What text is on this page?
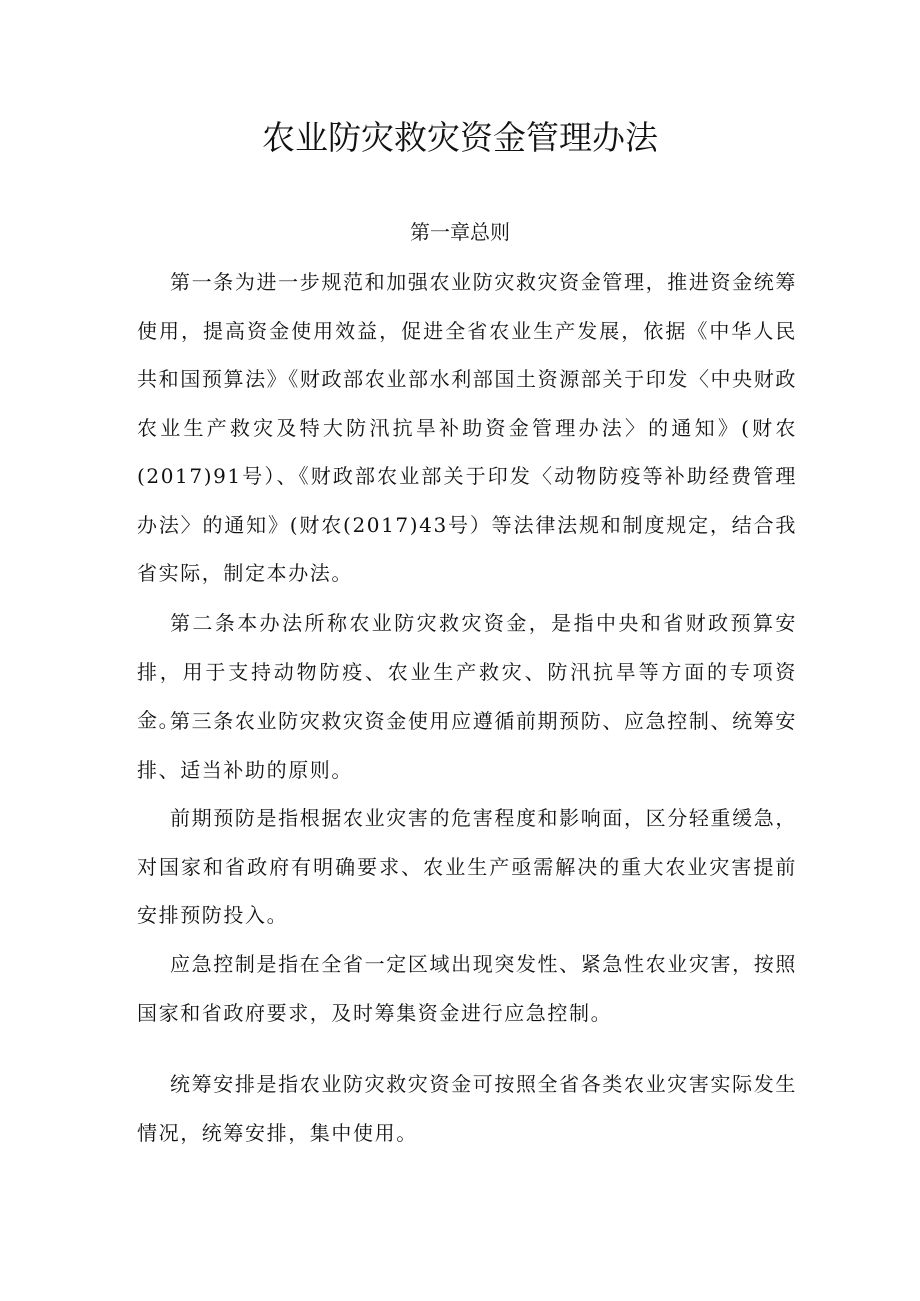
农业防灾救灾资金管理办法

第一章总则

第一条为进一步规范和加强农业防灾救灾资金管理，推进资金统筹使用，提高资金使用效益，促进全省农业生产发展，依据《中华人民共和国预算法》《财政部农业部水利部国土资源部关于印发〈中央财政农业生产救灾及特大防汛抗旱补助资金管理办法〉的通知》(财农(2017)91号）、《财政部农业部关于印发〈动物防疫等补助经费管理办法〉的通知》(财农(2017)43号）等法律法规和制度规定，结合我省实际，制定本办法。

第二条本办法所称农业防灾救灾资金，是指中央和省财政预算安排，用于支持动物防疫、农业生产救灾、防汛抗旱等方面的专项资金。

第三条农业防灾救灾资金使用应遵循前期预防、应急控制、统筹安排、适当补助的原则。

前期预防是指根据农业灾害的危害程度和影响面，区分轻重缓急，对国家和省政府有明确要求、农业生产亟需解决的重大农业灾害提前安排预防投入。

应急控制是指在全省一定区域出现突发性、紧急性农业灾害，按照国家和省政府要求，及时筹集资金进行应急控制。

统筹安排是指农业防灾救灾资金可按照全省各类农业灾害实际发生情况，统筹安排，集中使用。
